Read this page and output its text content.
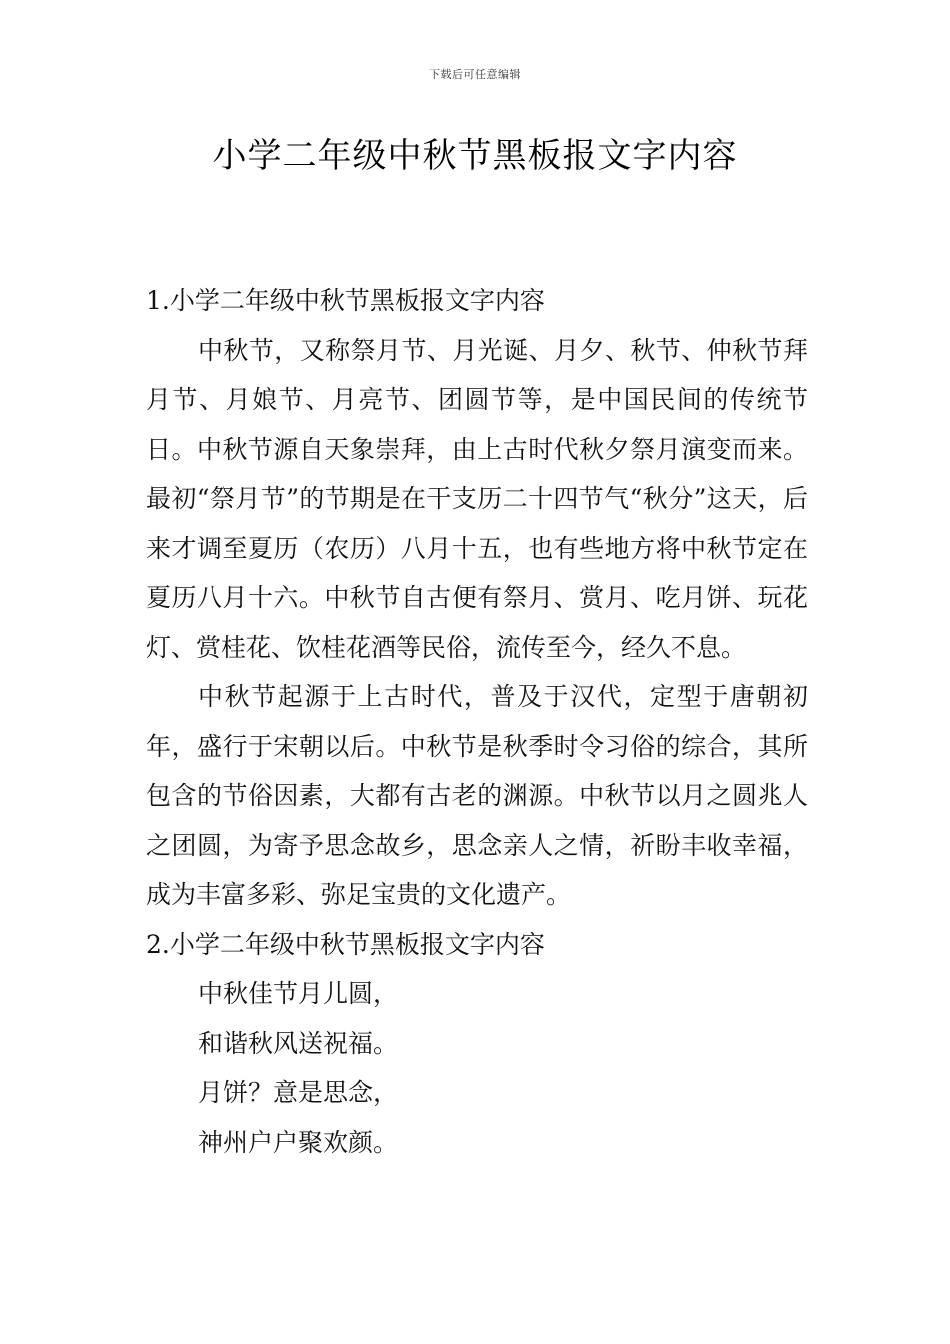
下载后可任意编辑
小学二年级中秋节黑板报文字内容

1.小学二年级中秋节黑板报文字内容

中秋节，又称祭月节、月光诞、月夕、秋节、仲秋节拜月节、月娘节、月亮节、团圆节等，是中国民间的传统节日。中秋节源自天象崇拜，由上古时代秋夕祭月演变而来。最初“祭月节”的节期是在干支历二十四节气“秋分”这天，后来才调至夏历（农历）八月十五，也有些地方将中秋节定在夏历八月十六。中秋节自古便有祭月、赏月、吃月饼、玩花灯、赏桂花、饮桂花酒等民俗，流传至今，经久不息。

中秋节起源于上古时代，普及于汉代，定型于唐朝初年，盛行于宋朝以后。中秋节是秋季时令习俗的综合，其所包含的节俗因素，大都有古老的渊源。中秋节以月之圆兆人之团圆，为寄予思念故乡，思念亲人之情，祈盼丰收幸福，成为丰富多彩、弥足宝贵的文化遗产。

2.小学二年级中秋节黑板报文字内容

中秋佳节月儿圆，

和谐秋风送祝福。

月饼？意是思念，

神州户户聚欢颜。
